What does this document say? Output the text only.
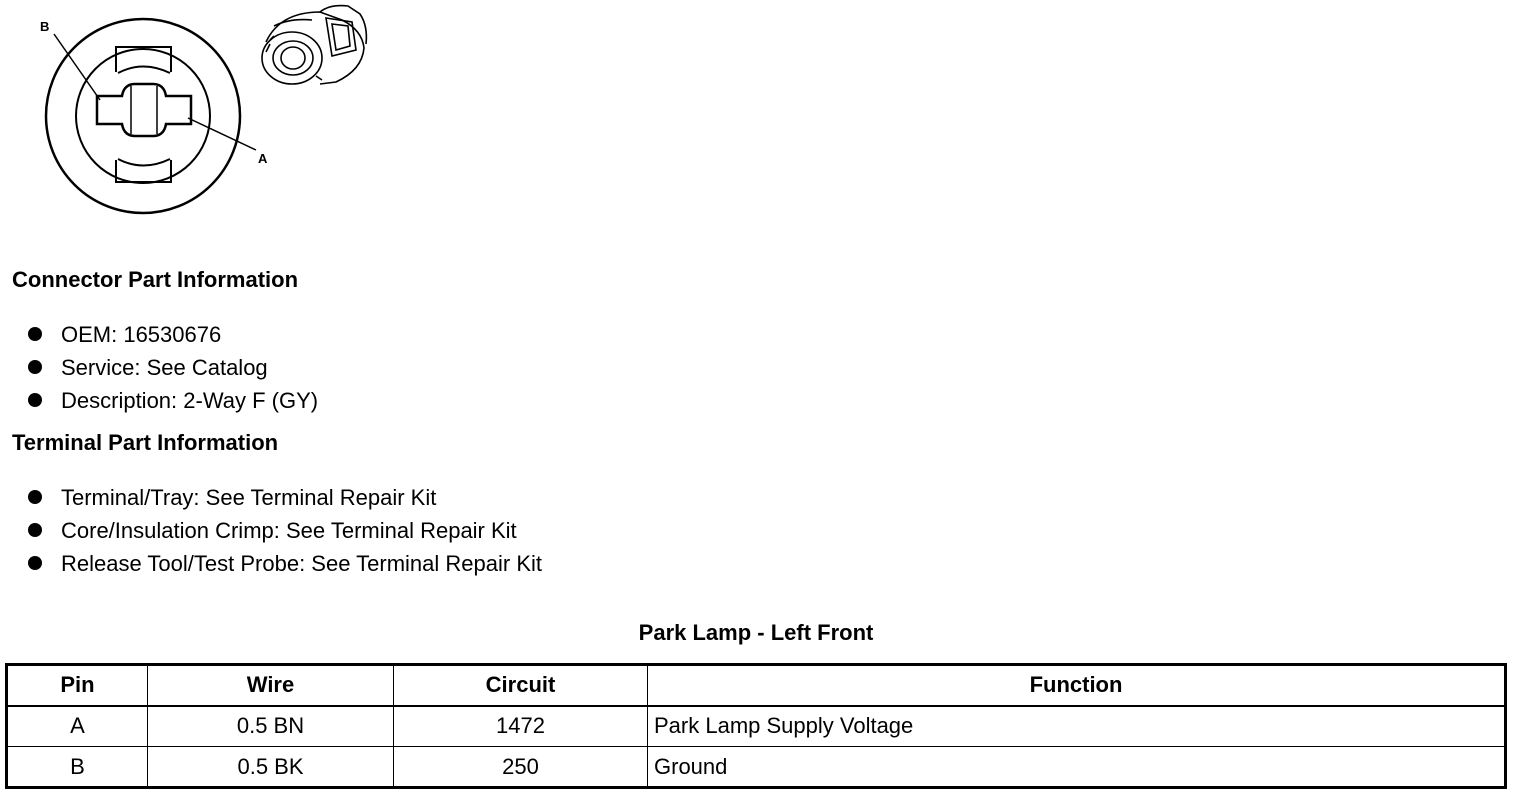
B
A

Connector Part Information

OEM: 16530676
Service: See Catalog
Description: 2-Way F (GY)

Terminal Part Information

Terminal/Tray: See Terminal Repair Kit
Core/Insulation Crimp: See Terminal Repair Kit
Release Tool/Test Probe: See Terminal Repair Kit

Park Lamp - Left Front

Pin	Wire	Circuit	Function
A	0.5 BN	1472	Park Lamp Supply Voltage
B	0.5 BK	250	Ground
